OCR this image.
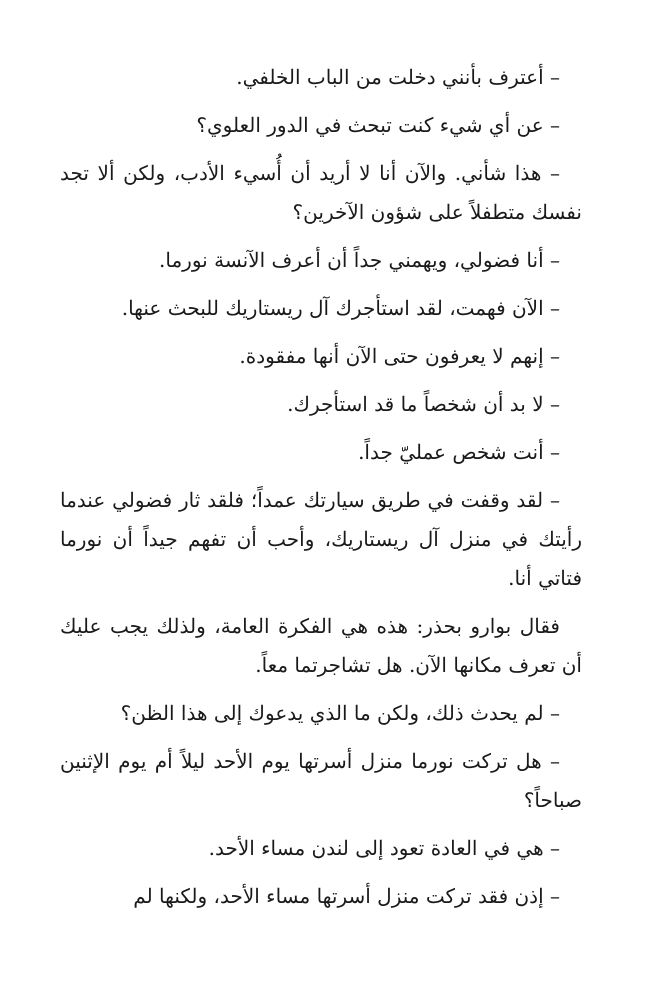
– أعترف بأنني دخلت من الباب الخلفي.

– عن أي شيء كنت تبحث في الدور العلوي؟

– هذا شأني. والآن أنا لا أريد أن أُسيء الأدب، ولكن ألا تجد نفسك متطفلاً على شؤون الآخرين؟

– أنا فضولي، ويهمني جداً أن أعرف الآنسة نورما.

– الآن فهمت، لقد استأجرك آل ريستاريك للبحث عنها.

– إنهم لا يعرفون حتى الآن أنها مفقودة.

– لا بد أن شخصاً ما قد استأجرك.

– أنت شخص عمليّ جداً.

– لقد وقفت في طريق سيارتك عمداً؛ فلقد ثار فضولي عندما رأيتك في منزل آل ريستاريك، وأحب أن تفهم جيداً أن نورما فتاتي أنا.

فقال بوارو بحذر: هذه هي الفكرة العامة، ولذلك يجب عليك أن تعرف مكانها الآن. هل تشاجرتما معاً.

– لم يحدث ذلك، ولكن ما الذي يدعوك إلى هذا الظن؟

– هل تركت نورما منزل أسرتها يوم الأحد ليلاً أم يوم الإثنين صباحاً؟

– هي في العادة تعود إلى لندن مساء الأحد.

– إذن فقد تركت منزل أسرتها مساء الأحد، ولكنها لم
